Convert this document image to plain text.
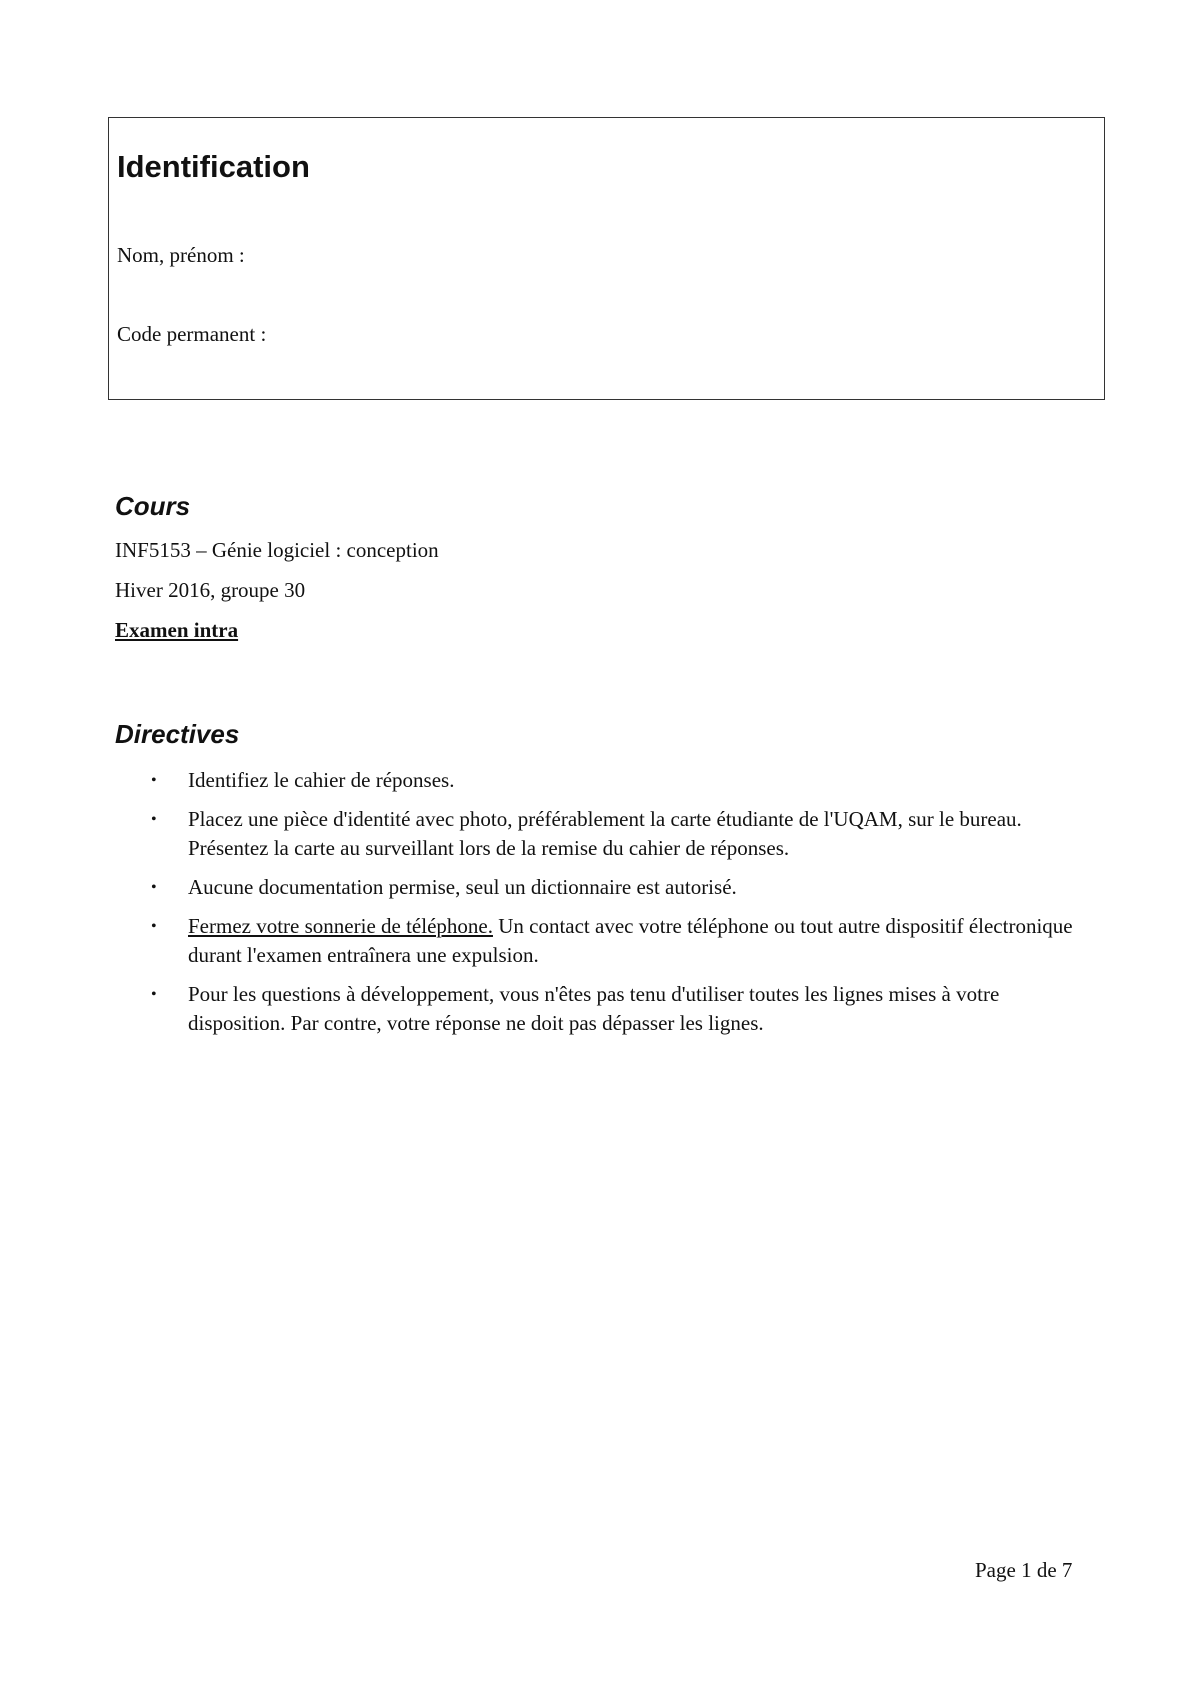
Identification
Nom, prénom :
Code permanent :
Cours
INF5153 – Génie logiciel : conception
Hiver 2016, groupe 30
Examen intra
Directives
• Identifiez le cahier de réponses.
• Placez une pièce d'identité avec photo, préférablement la carte étudiante de l'UQAM, sur le bureau. Présentez la carte au surveillant lors de la remise du cahier de réponses.
• Aucune documentation permise, seul un dictionnaire est autorisé.
• Fermez votre sonnerie de téléphone. Un contact avec votre téléphone ou tout autre dispositif électronique durant l'examen entraînera une expulsion.
• Pour les questions à développement, vous n'êtes pas tenu d'utiliser toutes les lignes mises à votre disposition. Par contre, votre réponse ne doit pas dépasser les lignes.
Page 1 de 7
